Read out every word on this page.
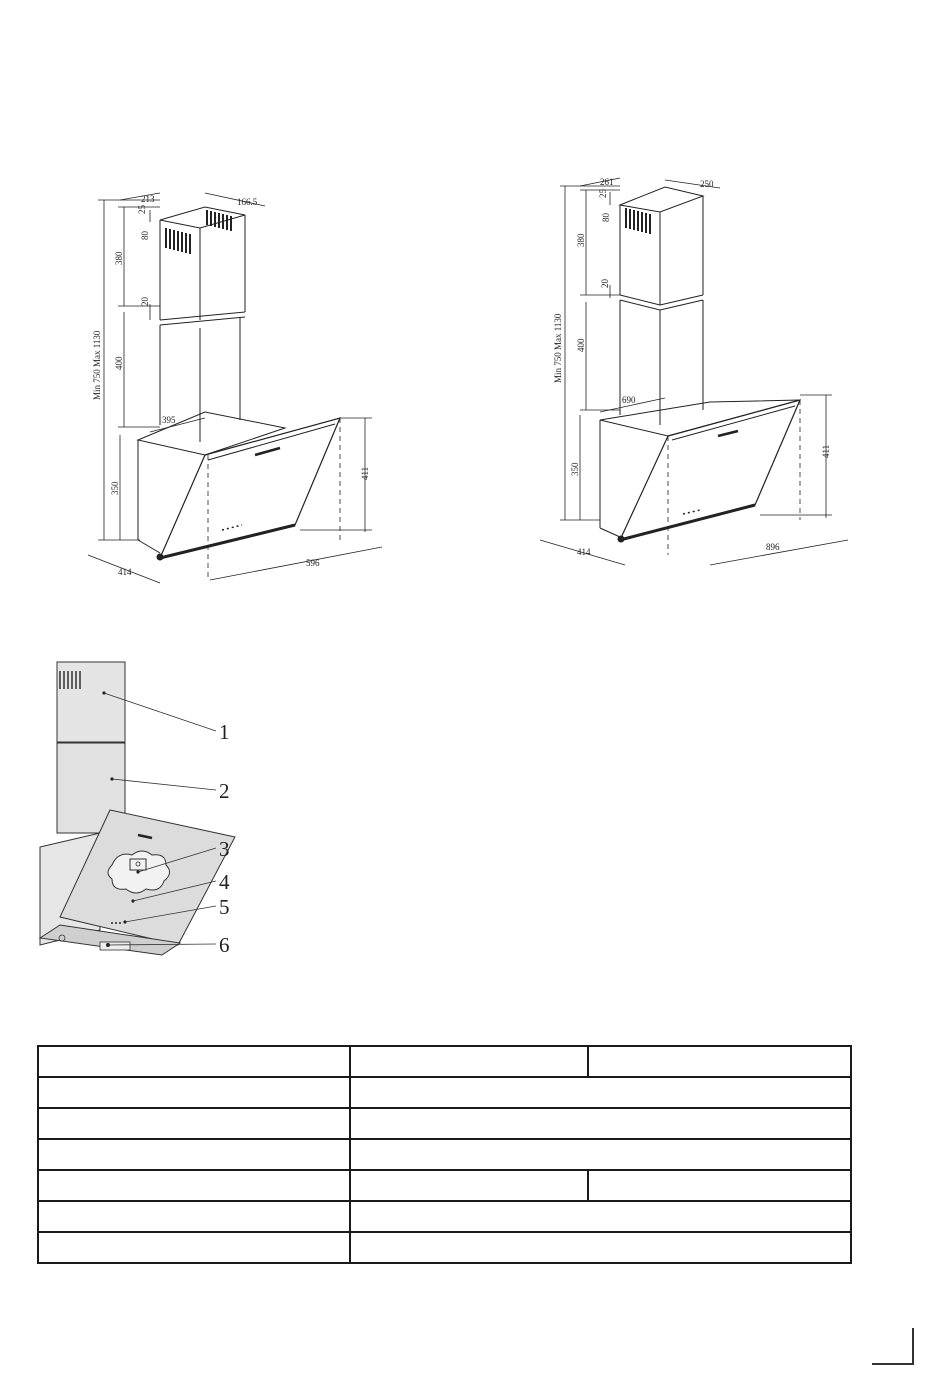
213	166.5
25
80
380
20
400
Min 750 Max 1130
395
350
411
414
596
261	250
25
80
380
20
400
Min 750 Max 1130
690
350
411
414	896
1
2
3
4
5
6
